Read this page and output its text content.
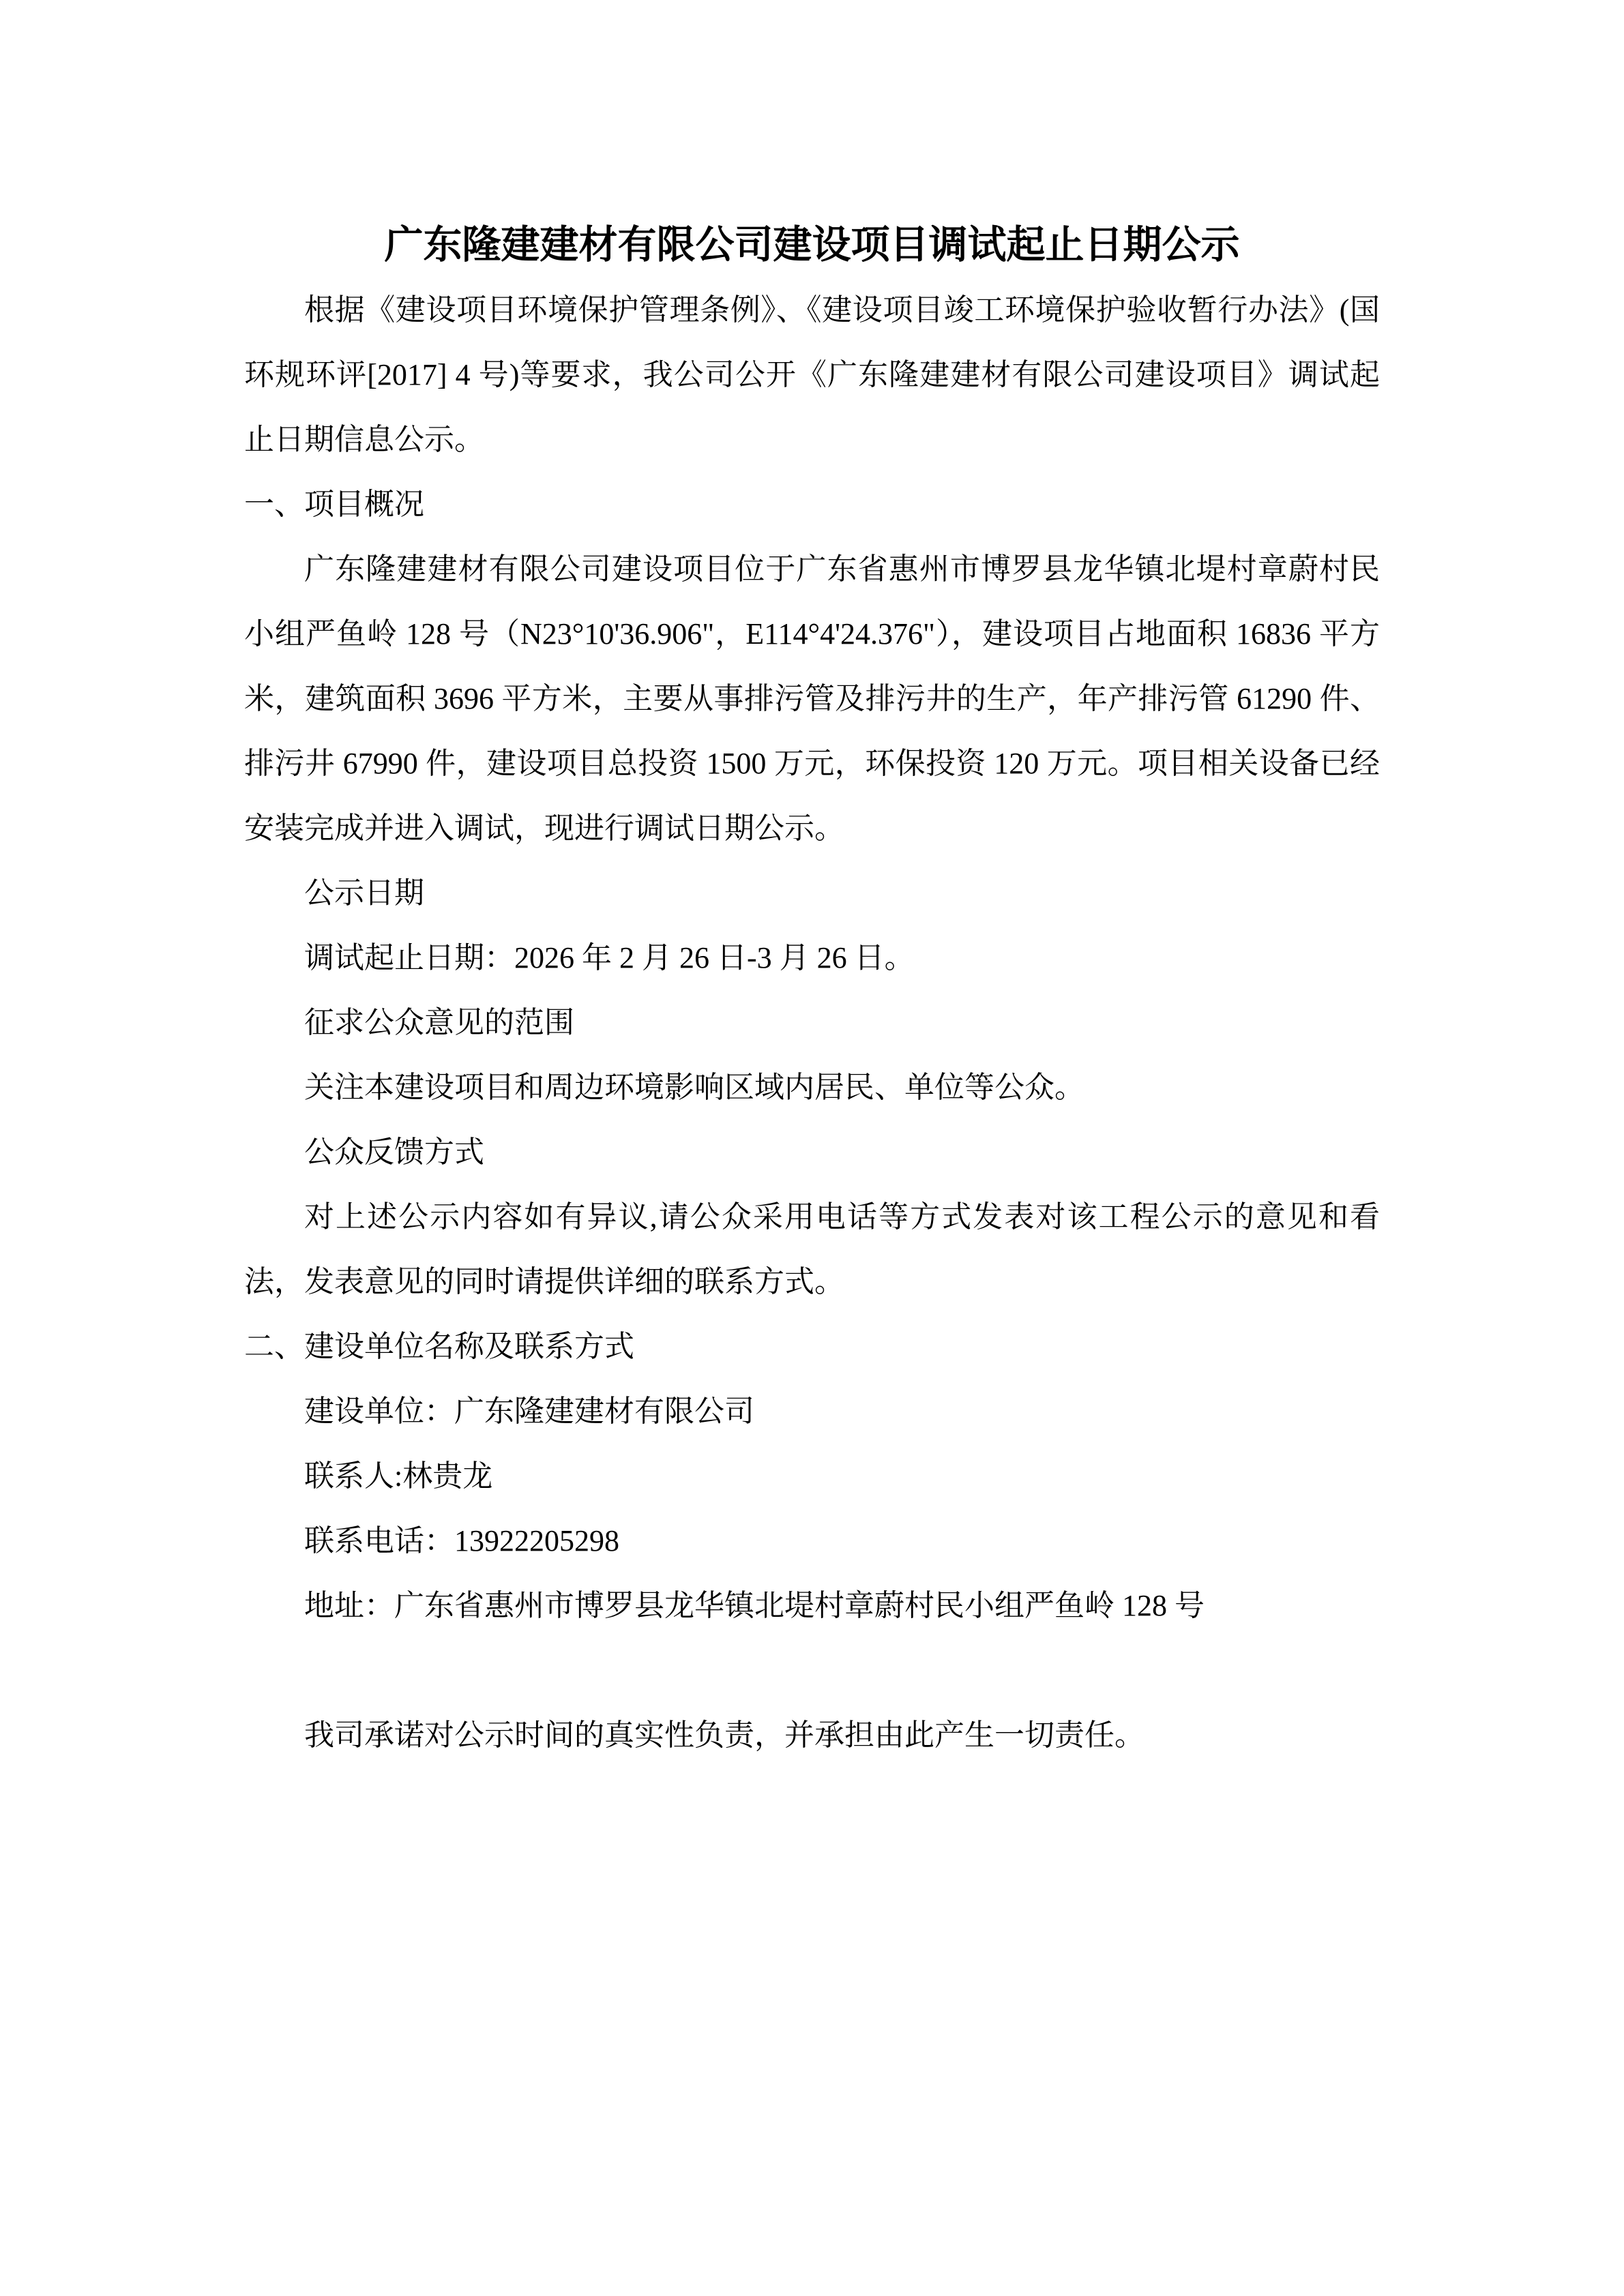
广东隆建建材有限公司建设项目调试起止日期公示

根据《建设项目环境保护管理条例》、《建设项目竣工环境保护验收暂行办法》(国环规环评[2017] 4 号)等要求，我公司公开《广东隆建建材有限公司建设项目》调试起止日期信息公示。

一、项目概况

广东隆建建材有限公司建设项目位于广东省惠州市博罗县龙华镇北堤村章蔚村民小组严鱼岭 128 号（N23°10'36.906"，E114°4'24.376"），建设项目占地面积 16836 平方米，建筑面积 3696 平方米，主要从事排污管及排污井的生产，年产排污管 61290 件、排污井 67990 件，建设项目总投资 1500 万元，环保投资 120 万元。项目相关设备已经安装完成并进入调试，现进行调试日期公示。

公示日期

调试起止日期：2026 年 2 月 26 日-3 月 26 日。

征求公众意见的范围

关注本建设项目和周边环境影响区域内居民、单位等公众。

公众反馈方式

对上述公示内容如有异议,请公众采用电话等方式发表对该工程公示的意见和看法，发表意见的同时请提供详细的联系方式。

二、建设单位名称及联系方式

建设单位：广东隆建建材有限公司

联系人:林贵龙

联系电话：13922205298

地址：广东省惠州市博罗县龙华镇北堤村章蔚村民小组严鱼岭 128 号

我司承诺对公示时间的真实性负责，并承担由此产生一切责任。
